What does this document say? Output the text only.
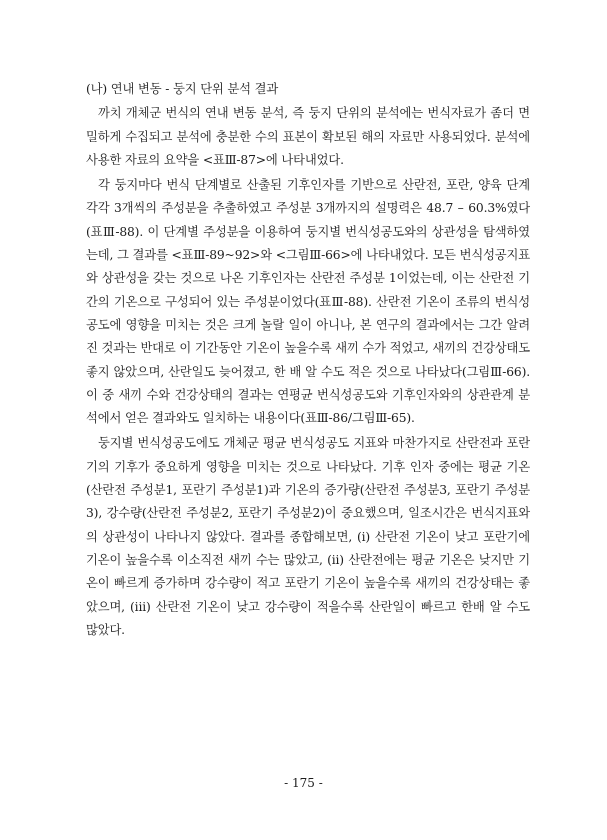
(나) 연내 변동 - 둥지 단위 분석 결과

까치 개체군 번식의 연내 변동 분석, 즉 둥지 단위의 분석에는 번식자료가 좀더 면밀하게 수집되고 분석에 충분한 수의 표본이 확보된 해의 자료만 사용되었다. 분석에 사용한 자료의 요약을 <표Ⅲ-87>에 나타내었다.

각 둥지마다 번식 단계별로 산출된 기후인자를 기반으로 산란전, 포란, 양육 단계 각각 3개씩의 주성분을 추출하였고 주성분 3개까지의 설명력은 48.7 – 60.3%였다(표Ⅲ-88). 이 단계별 주성분을 이용하여 둥지별 번식성공도와의 상관성을 탐색하였는데, 그 결과를 <표Ⅲ-89~92>와 <그림Ⅲ-66>에 나타내었다. 모든 번식성공지표와 상관성을 갖는 것으로 나온 기후인자는 산란전 주성분 1이었는데, 이는 산란전 기간의 기온으로 구성되어 있는 주성분이었다(표Ⅲ-88). 산란전 기온이 조류의 번식성공도에 영향을 미치는 것은 크게 놀랄 일이 아니나, 본 연구의 결과에서는 그간 알려진 것과는 반대로 이 기간동안 기온이 높을수록 새끼 수가 적었고, 새끼의 건강상태도 좋지 않았으며, 산란일도 늦어졌고, 한 배 알 수도 적은 것으로 나타났다(그림Ⅲ-66). 이 중 새끼 수와 건강상태의 결과는 연평균 번식성공도와 기후인자와의 상관관계 분석에서 얻은 결과와도 일치하는 내용이다(표Ⅲ-86/그림Ⅲ-65).

둥지별 번식성공도에도 개체군 평균 번식성공도 지표와 마찬가지로 산란전과 포란기의 기후가 중요하게 영향을 미치는 것으로 나타났다. 기후 인자 중에는 평균 기온(산란전 주성분1, 포란기 주성분1)과 기온의 증가량(산란전 주성분3, 포란기 주성분3), 강수량(산란전 주성분2, 포란기 주성분2)이 중요했으며, 일조시간은 번식지표와의 상관성이 나타나지 않았다. 결과를 종합해보면, (i) 산란전 기온이 낮고 포란기에 기온이 높을수록 이소직전 새끼 수는 많았고, (ii) 산란전에는 평균 기온은 낮지만 기온이 빠르게 증가하며 강수량이 적고 포란기 기온이 높을수록 새끼의 건강상태는 좋았으며, (iii) 산란전 기온이 낮고 강수량이 적을수록 산란일이 빠르고 한배 알 수도 많았다.

- 175 -
